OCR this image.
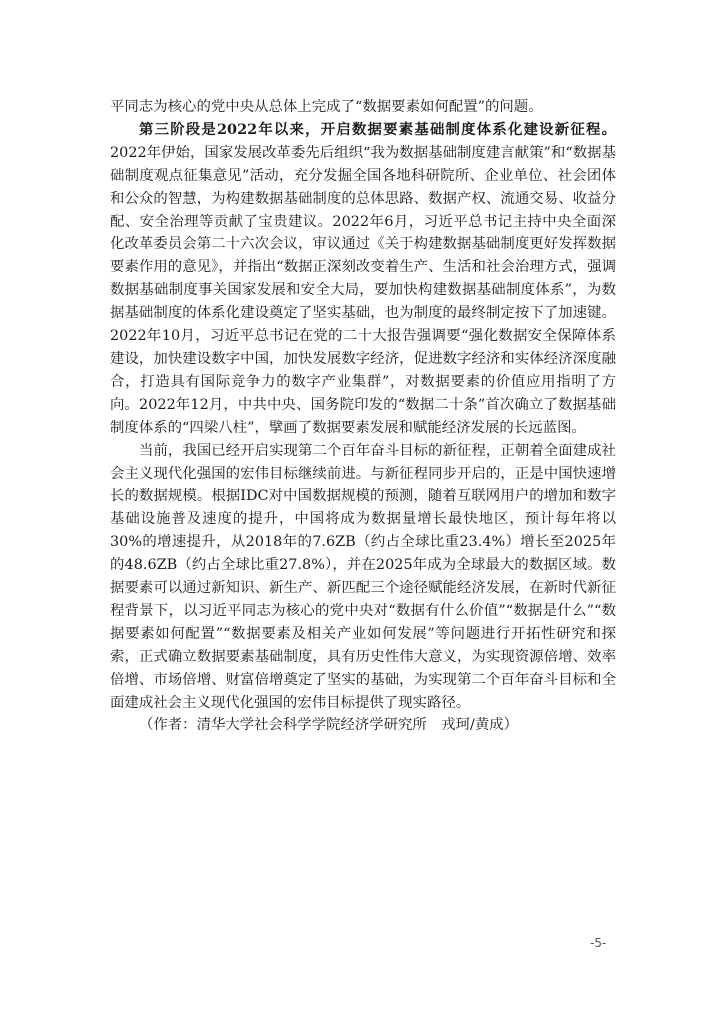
平同志为核心的党中央从总体上完成了“数据要素如何配置”的问题。

第三阶段是2022年以来，开启数据要素基础制度体系化建设新征程。2022年伊始，国家发展改革委先后组织“我为数据基础制度建言献策”和“数据基础制度观点征集意见”活动，充分发掘全国各地科研院所、企业单位、社会团体和公众的智慧，为构建数据基础制度的总体思路、数据产权、流通交易、收益分配、安全治理等贡献了宝贵建议。2022年6月，习近平总书记主持中央全面深化改革委员会第二十六次会议，审议通过《关于构建数据基础制度更好发挥数据要素作用的意见》，并指出“数据正深刻改变着生产、生活和社会治理方式，强调数据基础制度事关国家发展和安全大局，要加快构建数据基础制度体系”，为数据基础制度的体系化建设奠定了坚实基础，也为制度的最终制定按下了加速键。2022年10月，习近平总书记在党的二十大报告强调要“强化数据安全保障体系建设，加快建设数字中国，加快发展数字经济，促进数字经济和实体经济深度融合，打造具有国际竞争力的数字产业集群”，对数据要素的价值应用指明了方向。2022年12月，中共中央、国务院印发的“数据二十条”首次确立了数据基础制度体系的“四梁八柱”，擘画了数据要素发展和赋能经济发展的长远蓝图。

当前，我国已经开启实现第二个百年奋斗目标的新征程，正朝着全面建成社会主义现代化强国的宏伟目标继续前进。与新征程同步开启的，正是中国快速增长的数据规模。根据IDC对中国数据规模的预测，随着互联网用户的增加和数字基础设施普及速度的提升，中国将成为数据量增长最快地区，预计每年将以30%的增速提升，从2018年的7.6ZB（约占全球比重23.4%）增长至2025年的48.6ZB（约占全球比重27.8%），并在2025年成为全球最大的数据区域。数据要素可以通过新知识、新生产、新匹配三个途径赋能经济发展，在新时代新征程背景下，以习近平同志为核心的党中央对“数据有什么价值”“数据是什么”“数据要素如何配置”“数据要素及相关产业如何发展”等问题进行开拓性研究和探索，正式确立数据要素基础制度，具有历史性伟大意义，为实现资源倍增、效率倍增、市场倍增、财富倍增奠定了坚实的基础，为实现第二个百年奋斗目标和全面建成社会主义现代化强国的宏伟目标提供了现实路径。

（作者：清华大学社会科学学院经济学研究所　戎珂/黄成）

-5-
